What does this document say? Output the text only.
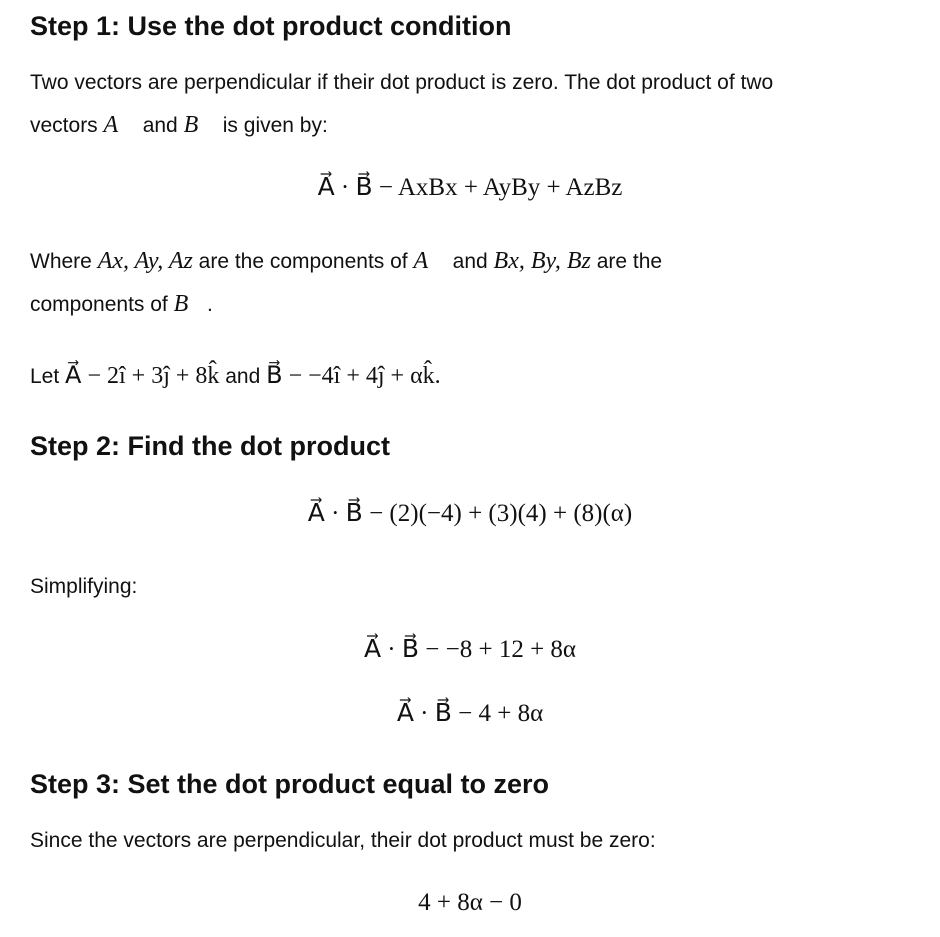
Step 1: Use the dot product condition

Two vectors are perpendicular if their dot product is zero. The dot product of two
vectors A⃗ and B⃗ is given by:

A⃗ · B⃗ − AxBx + AyBy + AzBz

Where Ax, Ay, Az are the components of A⃗ and Bx, By, Bz are the
components of B⃗.

Let A⃗ − 2î + 3ĵ + 8k̂ and B⃗ − −4î + 4ĵ + αk̂.

Step 2: Find the dot product
A⃗ · B⃗ − (2)(−4) + (3)(4) + (8)(α)

Simplifying:

A⃗ · B⃗ − −8 + 12 + 8α
A⃗ · B⃗ − 4 + 8α
Step 3: Set the dot product equal to zero

Since the vectors are perpendicular, their dot product must be zero:

4 + 8α − 0
